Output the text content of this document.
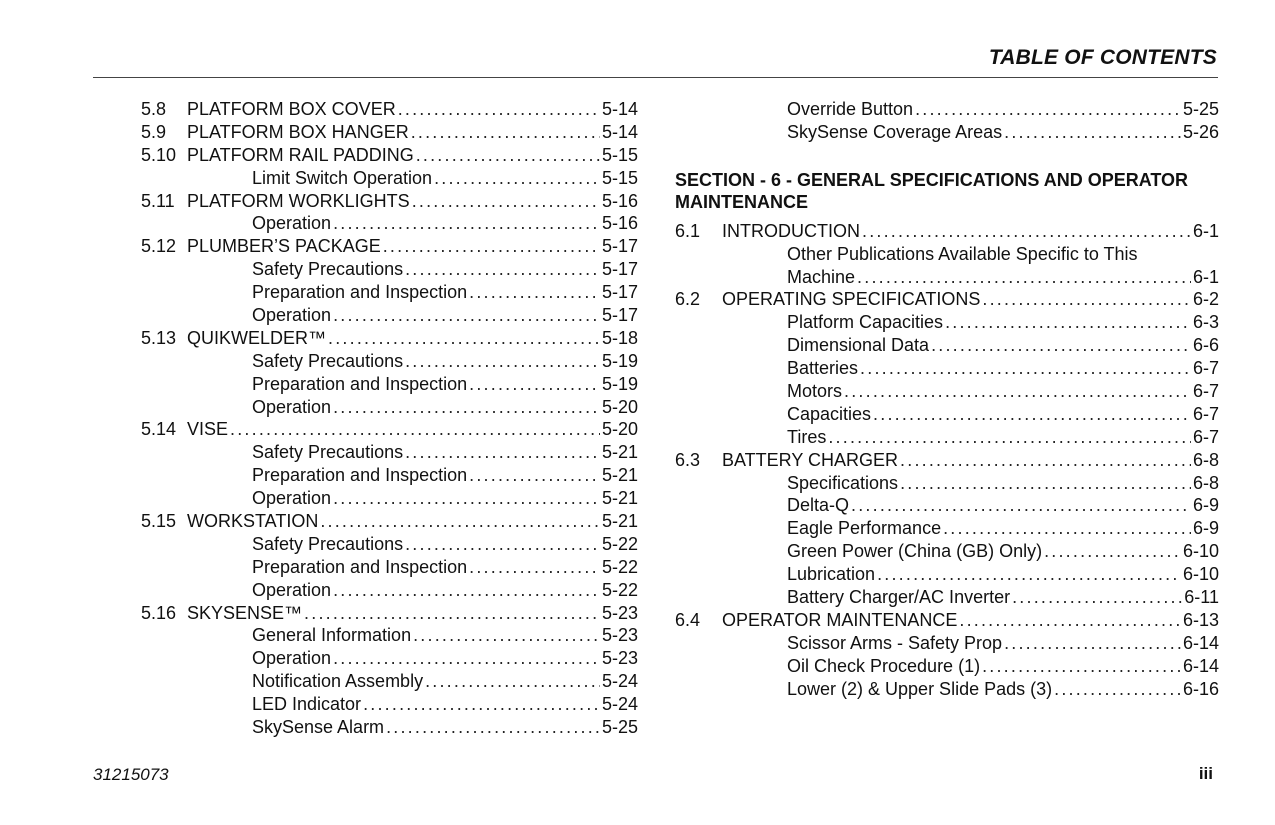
TABLE OF CONTENTS
5.8	PLATFORM BOX COVER . . .	5-14
5.9	PLATFORM BOX HANGER . . .	5-14
5.10 PLATFORM RAIL PADDING . . .	5-15
Limit Switch Operation . . .	5-15
5.11 PLATFORM WORKLIGHTS . . .	5-16
Operation . . .	5-16
5.12 PLUMBER’S PACKAGE . . .	5-17
Safety Precautions . . .	5-17
Preparation and Inspection . . .	5-17
Operation . . .	5-17
5.13 QUIKWELDER™ . . .	5-18
Safety Precautions . . .	5-19
Preparation and Inspection . . .	5-19
Operation . . .	5-20
5.14 VISE . . .	5-20
Safety Precautions . . .	5-21
Preparation and Inspection . . .	5-21
Operation . . .	5-21
5.15 WORKSTATION . . .	5-21
Safety Precautions . . .	5-22
Preparation and Inspection . . .	5-22
Operation . . .	5-22
5.16 SKYSENSE™ . . .	5-23
General Information . . .	5-23
Operation . . .	5-23
Notification Assembly . . .	5-24
LED Indicator . . .	5-24
SkySense Alarm . . .	5-25
Override Button . . .	5-25
SkySense Coverage Areas . . .	5-26
SECTION - 6 - GENERAL SPECIFICATIONS AND OPERATOR MAINTENANCE
6.1	INTRODUCTION . . .	6-1
Other Publications Available Specific to This
Machine . . .	6-1
6.2	OPERATING SPECIFICATIONS . . .	6-2
Platform Capacities . . .	6-3
Dimensional Data . . .	6-6
Batteries . . .	6-7
Motors . . .	6-7
Capacities . . .	6-7
Tires . . .	6-7
6.3	BATTERY CHARGER . . .	6-8
Specifications . . .	6-8
Delta-Q . . .	6-9
Eagle Performance . . .	6-9
Green Power (China (GB) Only) . . .	6-10
Lubrication . . .	6-10
Battery Charger/AC Inverter . . .	6-11
6.4	OPERATOR MAINTENANCE . . .	6-13
Scissor Arms - Safety Prop . . .	6-14
Oil Check Procedure (1) . . .	6-14
Lower (2) & Upper Slide Pads (3) . . .	6-16
31215073	iii
